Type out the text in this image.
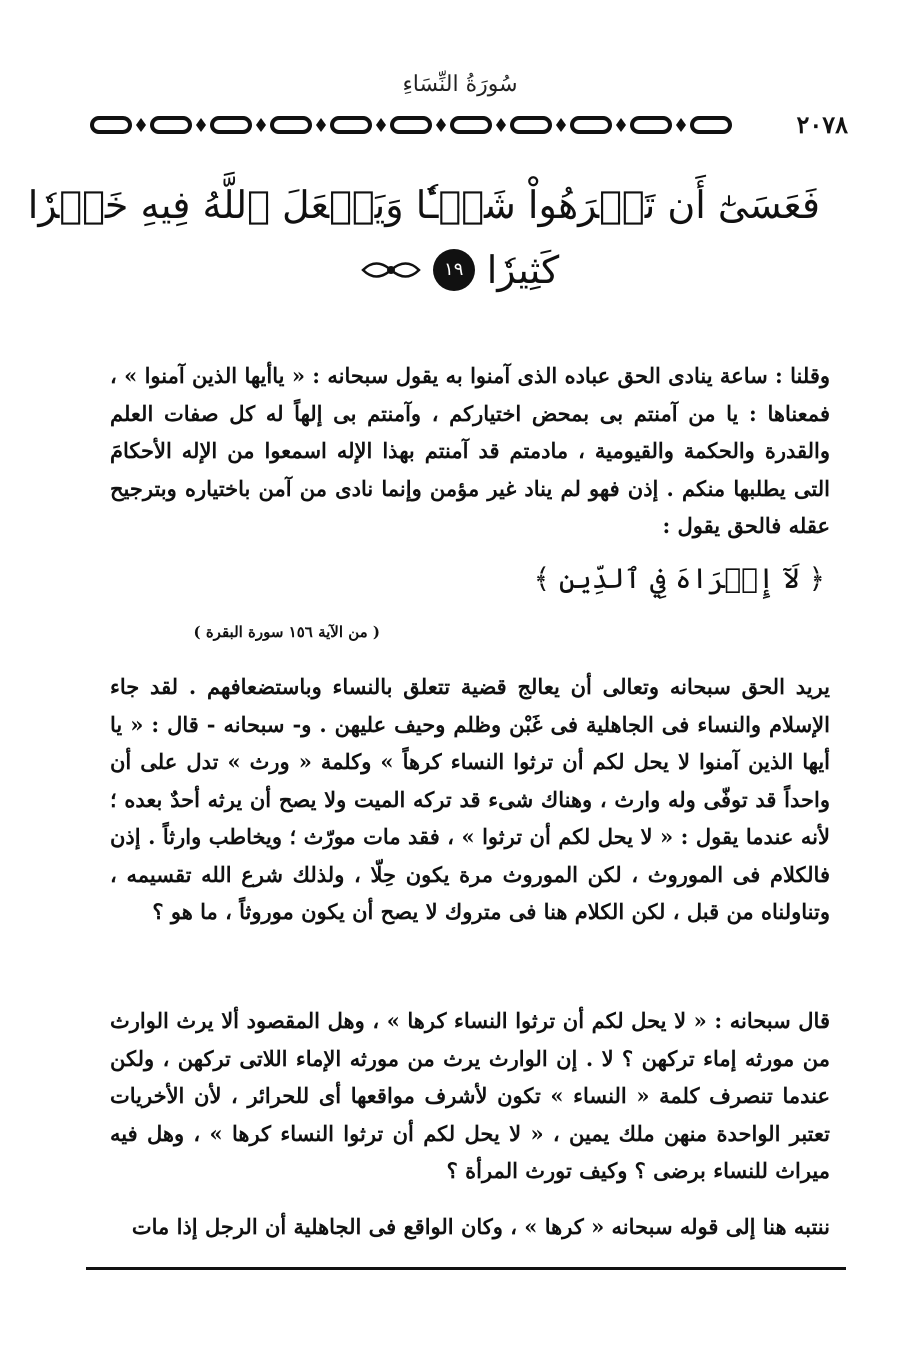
سُورَةُ النِّسَاءِ
٢٠٧٨
فَعَسَىٰٓ أَن تَكۡرَهُواْ شَيۡـٔٗا وَيَجۡعَلَ ٱللَّهُ فِيهِ خَيۡرٗا
كَثِيرٗا
١٩
وقلنا : ساعة ينادى الحق عباده الذى آمنوا به يقول سبحانه : « ياأيها الذين آمنوا » ، فمعناها : يا من آمنتم بى بمحض اختياركم ، وآمنتم بى إلهاً له كل صفات العلم والقدرة والحكمة والقيومية ، مادمتم قد آمنتم بهذا الإله اسمعوا من الإله الأحكامَ التى يطلبها منكم . إذن فهو لم يناد غير مؤمن وإنما نادى من آمن باختياره وبترجيح عقله فالحق يقول :
﴿ لَآ إِكۡرَاهَ فِي ٱلدِّينِ ﴾
( من الآية ١٥٦ سورة البقرة )
يريد الحق سبحانه وتعالى أن يعالج قضية تتعلق بالنساء وباستضعافهم . لقد جاء الإسلام والنساء فى الجاهلية فى غَبْن وظلم وحيف عليهن . و- سبحانه - قال : « يا أيها الذين آمنوا لا يحل لكم أن ترثوا النساء كرهاً » وكلمة « ورث » تدل على أن واحداً قد توفّى وله وارث ، وهناك شىء قد تركه الميت ولا يصح أن يرثه أحدٌ بعده ؛ لأنه عندما يقول : « لا يحل لكم أن ترثوا » ، فقد مات مورّث ؛ ويخاطب وارثاً . إذن فالكلام فى الموروث ، لكن الموروث مرة يكون حِلّا ، ولذلك شرع الله تقسيمه ، وتناولناه من قبل ، لكن الكلام هنا فى متروك لا يصح أن يكون موروثاً ، ما هو ؟
قال سبحانه : « لا يحل لكم أن ترثوا النساء كرها » ، وهل المقصود ألا يرث الوارث من مورثه إماء تركهن ؟ لا . إن الوارث يرث من مورثه الإماء اللاتى تركهن ، ولكن عندما تنصرف كلمة « النساء » تكون لأشرف مواقعها أى للحرائر ، لأن الأخريات تعتبر الواحدة منهن ملك يمين ، « لا يحل لكم أن ترثوا النساء كرها » ، وهل فيه ميراث للنساء برضى ؟ وكيف تورث المرأة ؟
ننتبه هنا إلى قوله سبحانه « كرها » ، وكان الواقع فى الجاهلية أن الرجل إذا مات
